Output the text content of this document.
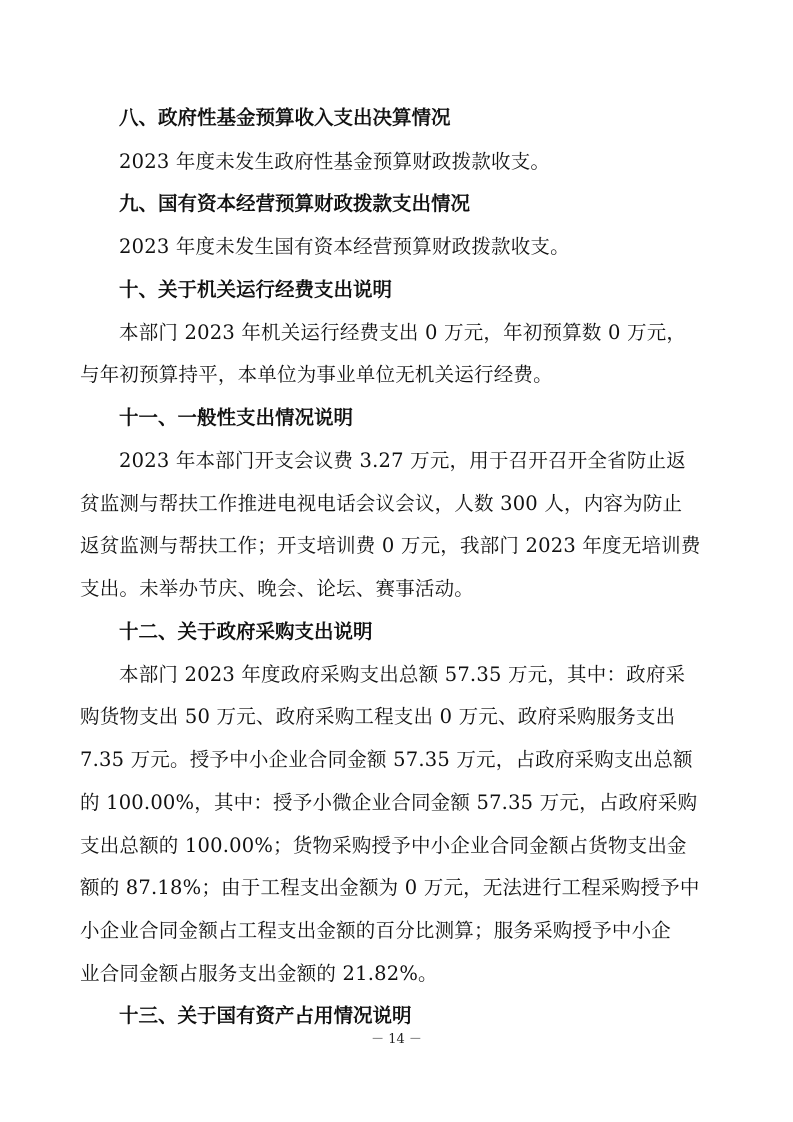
八、政府性基金预算收入支出决算情况
2023 年度未发生政府性基金预算财政拨款收支。
九、国有资本经营预算财政拨款支出情况
2023 年度未发生国有资本经营预算财政拨款收支。
十、关于机关运行经费支出说明
本部门 2023 年机关运行经费支出 0 万元，年初预算数 0 万元，
与年初预算持平，本单位为事业单位无机关运行经费。
十一、一般性支出情况说明
2023 年本部门开支会议费 3.27 万元，用于召开召开全省防止返
贫监测与帮扶工作推进电视电话会议会议，人数 300 人，内容为防止
返贫监测与帮扶工作；开支培训费 0 万元，我部门 2023 年度无培训费
支出。未举办节庆、晚会、论坛、赛事活动。
十二、关于政府采购支出说明
本部门 2023 年度政府采购支出总额 57.35 万元，其中：政府采
购货物支出 50 万元、政府采购工程支出 0 万元、政府采购服务支出
7.35 万元。授予中小企业合同金额 57.35 万元，占政府采购支出总额
的 100.00%，其中：授予小微企业合同金额 57.35 万元，占政府采购
支出总额的 100.00%；货物采购授予中小企业合同金额占货物支出金
额的 87.18%；由于工程支出金额为 0 万元，无法进行工程采购授予中
小企业合同金额占工程支出金额的百分比测算；服务采购授予中小企
业合同金额占服务支出金额的 21.82%。
十三、关于国有资产占用情况说明
－ 14 －
